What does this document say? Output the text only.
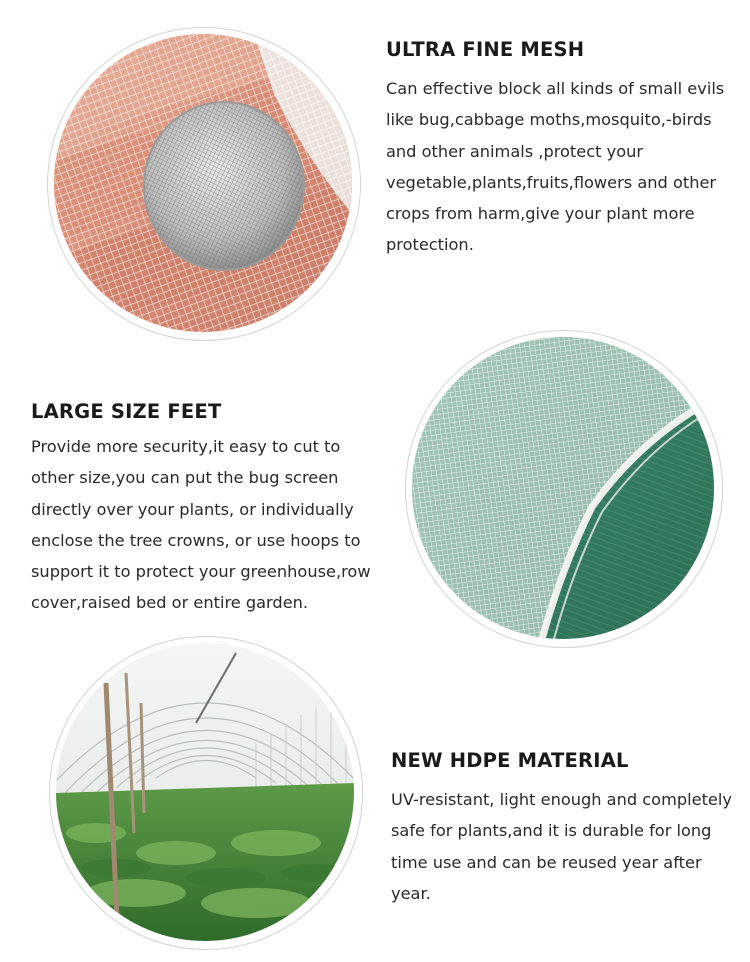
ULTRA FINE MESH

Can effective block all kinds of small evils like bug,cabbage moths,mosquito,-birds and other animals ,protect your vegetable,plants,fruits,flowers and other crops from harm,give your plant more protection.

LARGE SIZE FEET

Provide more security,it easy to cut to other size,you can put the bug screen directly over your plants, or individually enclose the tree crowns, or use hoops to support it to protect your greenhouse,row cover,raised bed or entire garden.

NEW HDPE MATERIAL

UV-resistant, light enough and completely safe for plants,and it is durable for long time use and can be reused year after year.
